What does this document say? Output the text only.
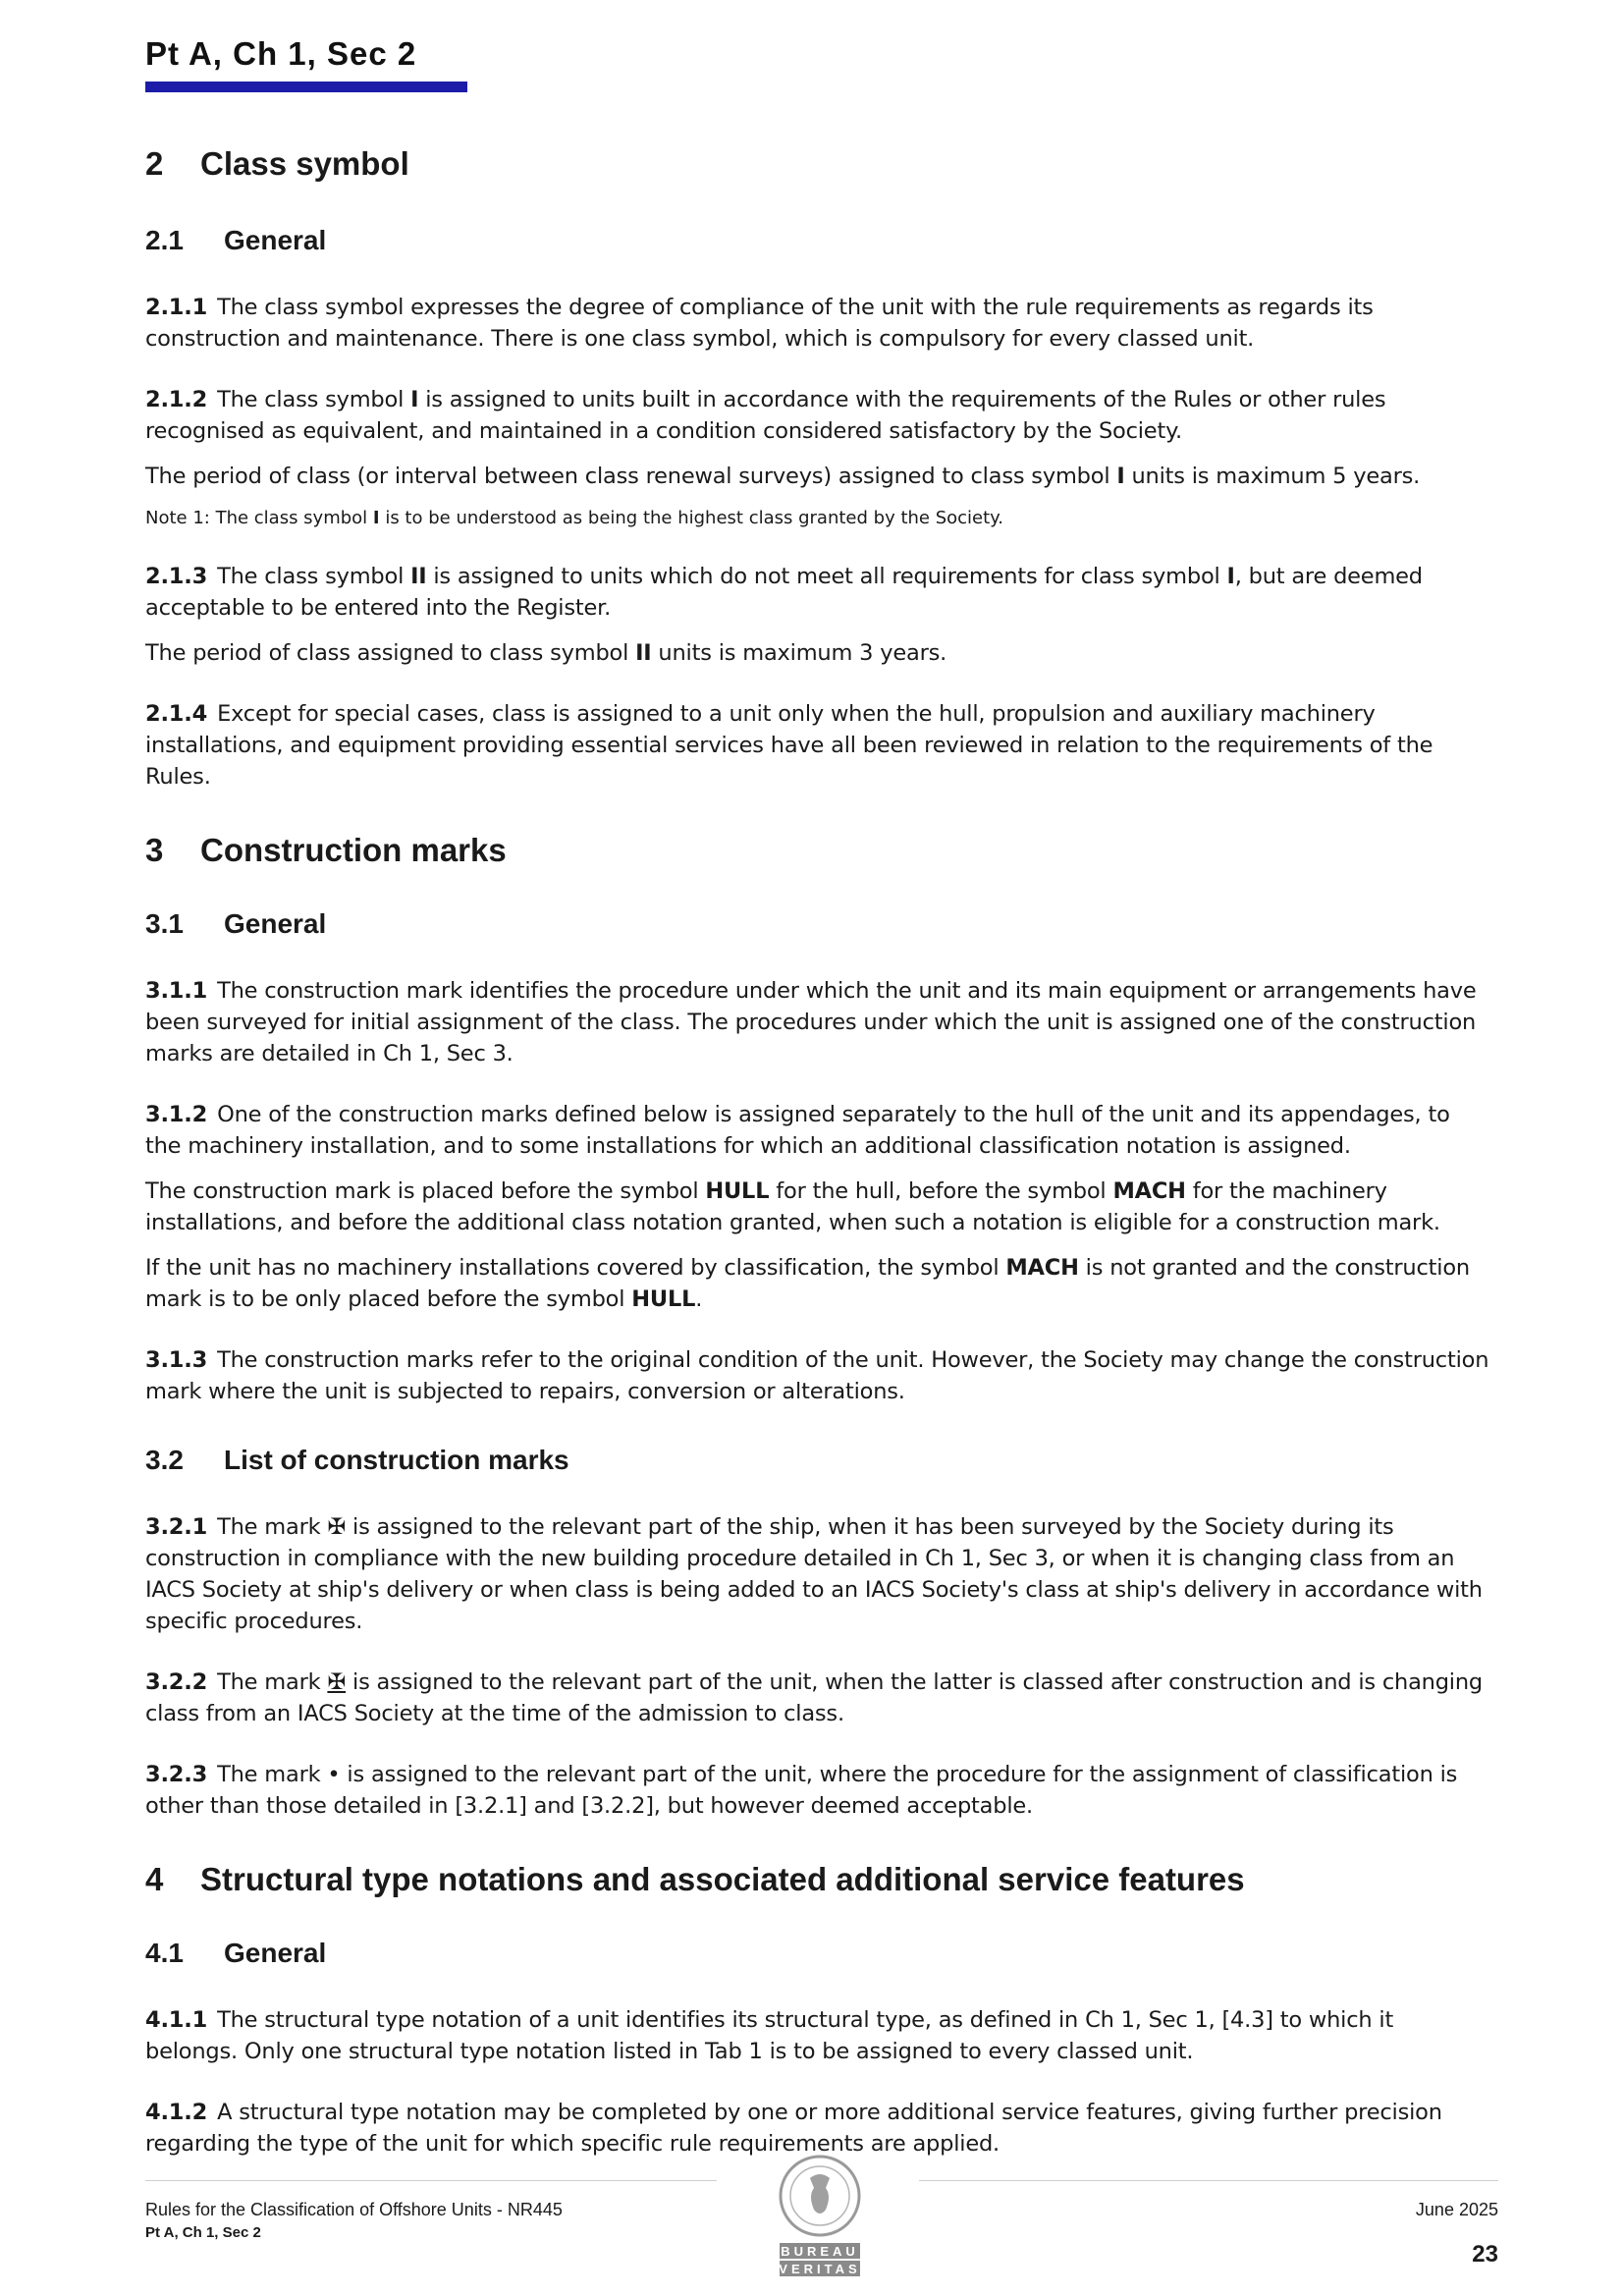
Pt A, Ch 1, Sec 2
2	Class symbol
2.1	General

2.1.1 The class symbol expresses the degree of compliance of the unit with the rule requirements as regards its construction and maintenance. There is one class symbol, which is compulsory for every classed unit.

2.1.2 The class symbol I is assigned to units built in accordance with the requirements of the Rules or other rules recognised as equivalent, and maintained in a condition considered satisfactory by the Society.

The period of class (or interval between class renewal surveys) assigned to class symbol I units is maximum 5 years.

Note 1: The class symbol I is to be understood as being the highest class granted by the Society.

2.1.3 The class symbol II is assigned to units which do not meet all requirements for class symbol I, but are deemed acceptable to be entered into the Register.

The period of class assigned to class symbol II units is maximum 3 years.

2.1.4 Except for special cases, class is assigned to a unit only when the hull, propulsion and auxiliary machinery installations, and equipment providing essential services have all been reviewed in relation to the requirements of the Rules.

3	Construction marks
3.1	General

3.1.1 The construction mark identifies the procedure under which the unit and its main equipment or arrangements have been surveyed for initial assignment of the class. The procedures under which the unit is assigned one of the construction marks are detailed in Ch 1, Sec 3.

3.1.2 One of the construction marks defined below is assigned separately to the hull of the unit and its appendages, to the machinery installation, and to some installations for which an additional classification notation is assigned.

The construction mark is placed before the symbol HULL for the hull, before the symbol MACH for the machinery installations, and before the additional class notation granted, when such a notation is eligible for a construction mark.

If the unit has no machinery installations covered by classification, the symbol MACH is not granted and the construction mark is to be only placed before the symbol HULL.

3.1.3 The construction marks refer to the original condition of the unit. However, the Society may change the construction mark where the unit is subjected to repairs, conversion or alterations.

3.2	List of construction marks

3.2.1 The mark ✠ is assigned to the relevant part of the ship, when it has been surveyed by the Society during its construction in compliance with the new building procedure detailed in Ch 1, Sec 3, or when it is changing class from an IACS Society at ship's delivery or when class is being added to an IACS Society's class at ship's delivery in accordance with specific procedures.

3.2.2 The mark ✠ is assigned to the relevant part of the unit, when the latter is classed after construction and is changing class from an IACS Society at the time of the admission to class.

3.2.3 The mark • is assigned to the relevant part of the unit, where the procedure for the assignment of classification is other than those detailed in [3.2.1] and [3.2.2], but however deemed acceptable.

4	Structural type notations and associated additional service features
4.1	General

4.1.1 The structural type notation of a unit identifies its structural type, as defined in Ch 1, Sec 1, [4.3] to which it belongs. Only one structural type notation listed in Tab 1 is to be assigned to every classed unit.

4.1.2 A structural type notation may be completed by one or more additional service features, giving further precision regarding the type of the unit for which specific rule requirements are applied.

Rules for the Classification of Offshore Units - NR445
Pt A, Ch 1, Sec 2
BUREAU
VERITAS
June 2025
23
